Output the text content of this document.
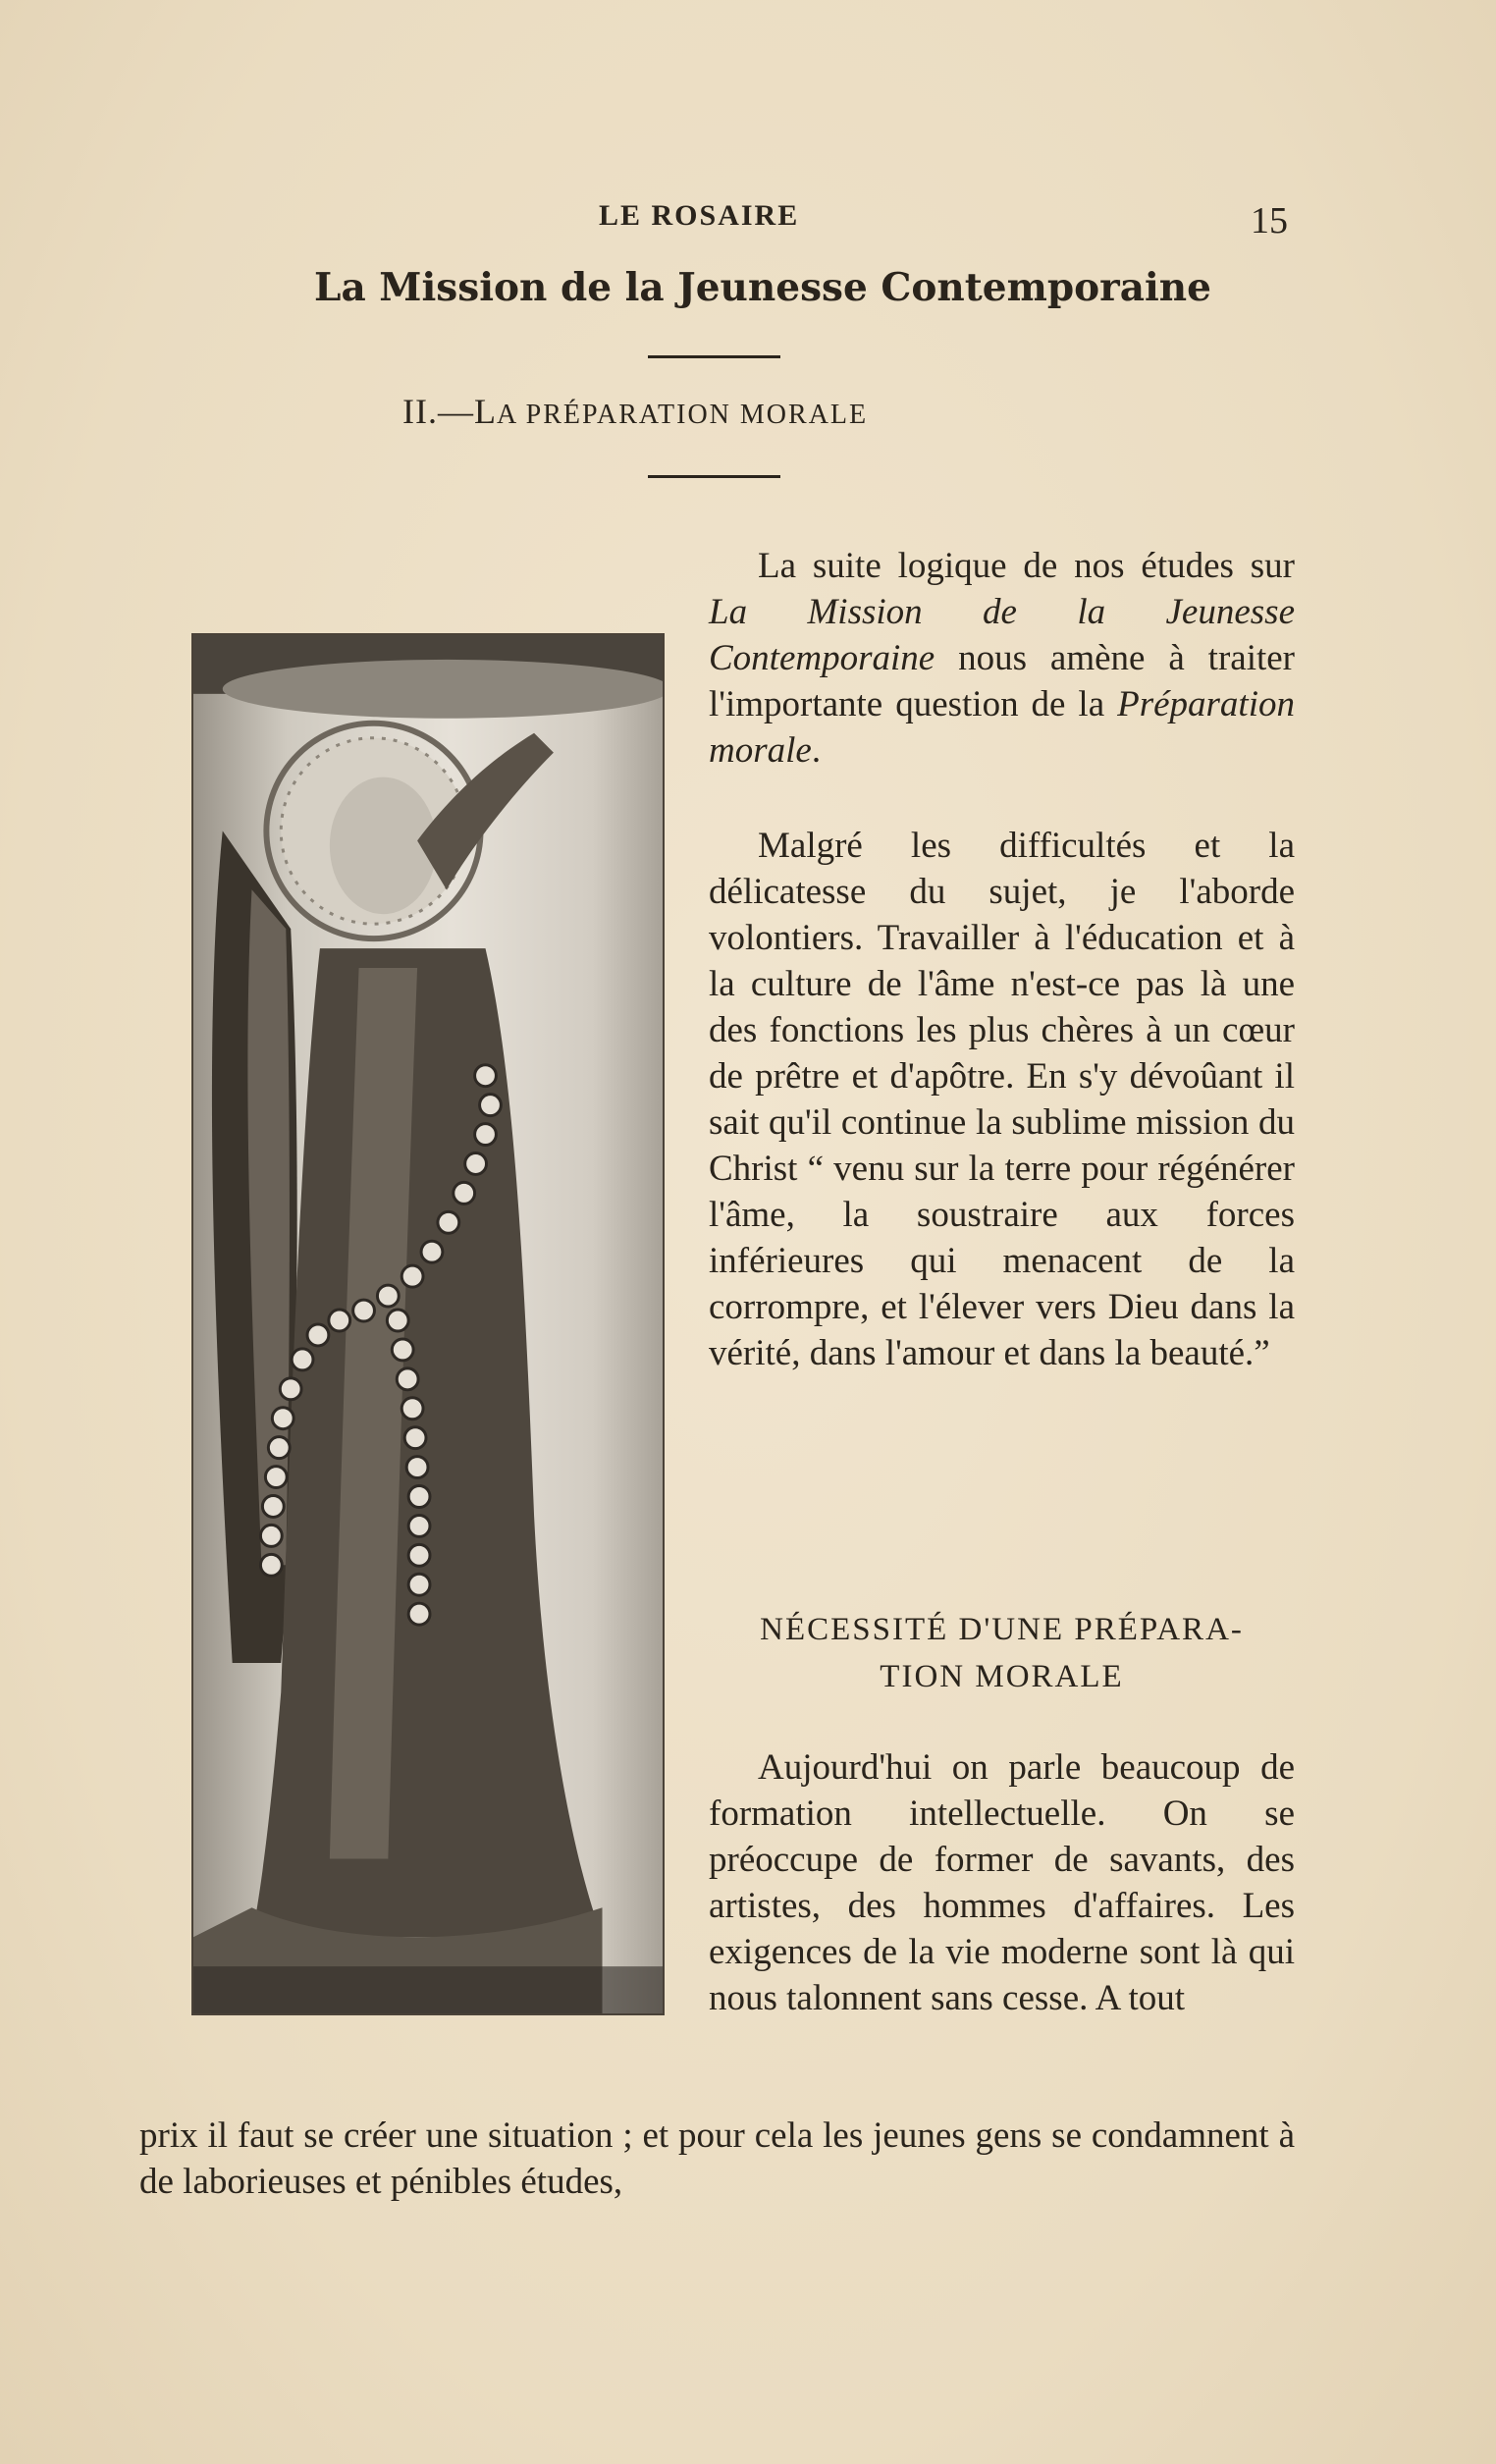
LE ROSAIRE	15
La Mission de la Jeunesse Contemporaine
II.—LA PRÉPARATION MORALE

La suite logique de nos études sur La Mission de la Jeunesse Contemporaine nous amène à traiter l'importante question de la Préparation morale.

Malgré les difficultés et la délicatesse du sujet, je l'aborde volontiers. Travailler à l'éducation et à la culture de l'âme n'est-ce pas là une des fonctions les plus chères à un cœur de prêtre et d'apôtre. En s'y dévoûant il sait qu'il continue la sublime mission du Christ “ venu sur la terre pour régénérer l'âme, la soustraire aux forces inférieures qui menacent de la corrompre, et l'élever vers Dieu dans la vérité, dans l'amour et dans la beauté.”

NÉCESSITÉ D'UNE PRÉPARA-
TION MORALE

Aujourd'hui on parle beaucoup de formation intellectuelle. On se préoccupe de former de savants, des artistes, des hommes d'affaires. Les exigences de la vie moderne sont là qui nous talonnent sans cesse. A tout

prix il faut se créer une situation ; et pour cela les jeunes gens se condamnent à de laborieuses et pénibles études,
